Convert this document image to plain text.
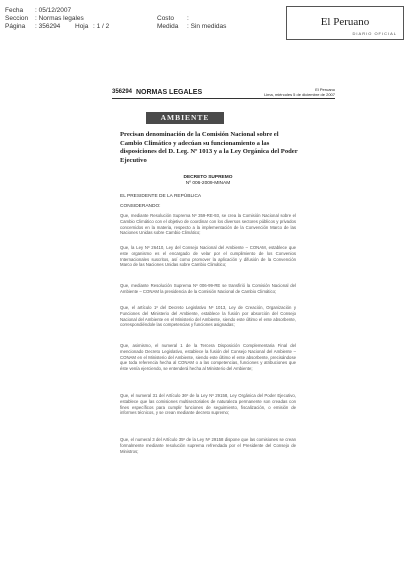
Fecha	: 05/12/2007
Seccion	: Normas legales
Página	: 356294	Hoja : 1 / 2
Costo	:
Medida	: Sin medidas	El Peruano
DIARIO OFICIAL
356294 NORMAS LEGALES	El Peruano
Lima, miércoles 5 de diciembre de 2007
AMBIENTE
Precisan denominación de la Comisión Nacional sobre el Cambio Climático y adecúan su funcionamiento a las disposiciones del D. Leg. Nº 1013 y a la Ley Orgánica del Poder Ejecutivo
DECRETO SUPREMO
Nº 006-2009-MINAM
EL PRESIDENTE DE LA REPÚBLICA
CONSIDERANDO:
Que, mediante Resolución Suprema Nº 359-RE-93, se crea la Comisión Nacional sobre el Cambio Climático con el objetivo de coordinar con los diversos sectores públicos y privados concernidos en la materia, respecto a la implementación de la Convención Marco de las Naciones Unidas sobre Cambio Climático;
Que, la Ley Nº 26410, Ley del Consejo Nacional del Ambiente – CONAM, establece que este organismo es el encargado de velar por el cumplimiento de los Convenios Internacionales suscritos, así como promover la aplicación y difusión de la Convención Marco de las Naciones Unidas sobre Cambio Climático;
Que, mediante Resolución Suprema Nº 006-99-RE se transfirió la Comisión Nacional del Ambiente – CONAM la presidencia de la Comisión Nacional de Cambio Climático;
Que, el artículo 1º del Decreto Legislativo Nº 1013, Ley de Creación, Organización y Funciones del Ministerio del Ambiente, establece la fusión por absorción del Consejo Nacional del Ambiente en el Ministerio del Ambiente, siendo este último el ente absorbente, correspondiéndole las competencias y funciones asignadas;
Que, asimismo, el numeral 1 de la Tercera Disposición Complementaria Final del mencionado Decreto Legislativo, establece la fusión del Consejo Nacional del Ambiente – CONAM en el Ministerio del Ambiente, siendo este último el ente absorbente, precisándose que toda referencia hecha al CONAM o a las competencias, funciones y atribuciones que éste venía ejerciendo, se entenderá hecha al Ministerio del Ambiente;
Que, el numeral 31 del Artículo 36º de la Ley Nº 29158, Ley Orgánica del Poder Ejecutivo, establece que las comisiones multisectoriales de naturaleza permanente son creadas con fines específicos para cumplir funciones de seguimiento, fiscalización, o emisión de informes técnicos, y se crean mediante decreto supremo;
Que, el numeral 3 del Artículo 35º de la Ley Nº 29158 dispone que las comisiones se crean formalmente mediante resolución suprema refrendada por el Presidente del Consejo de Ministros;
